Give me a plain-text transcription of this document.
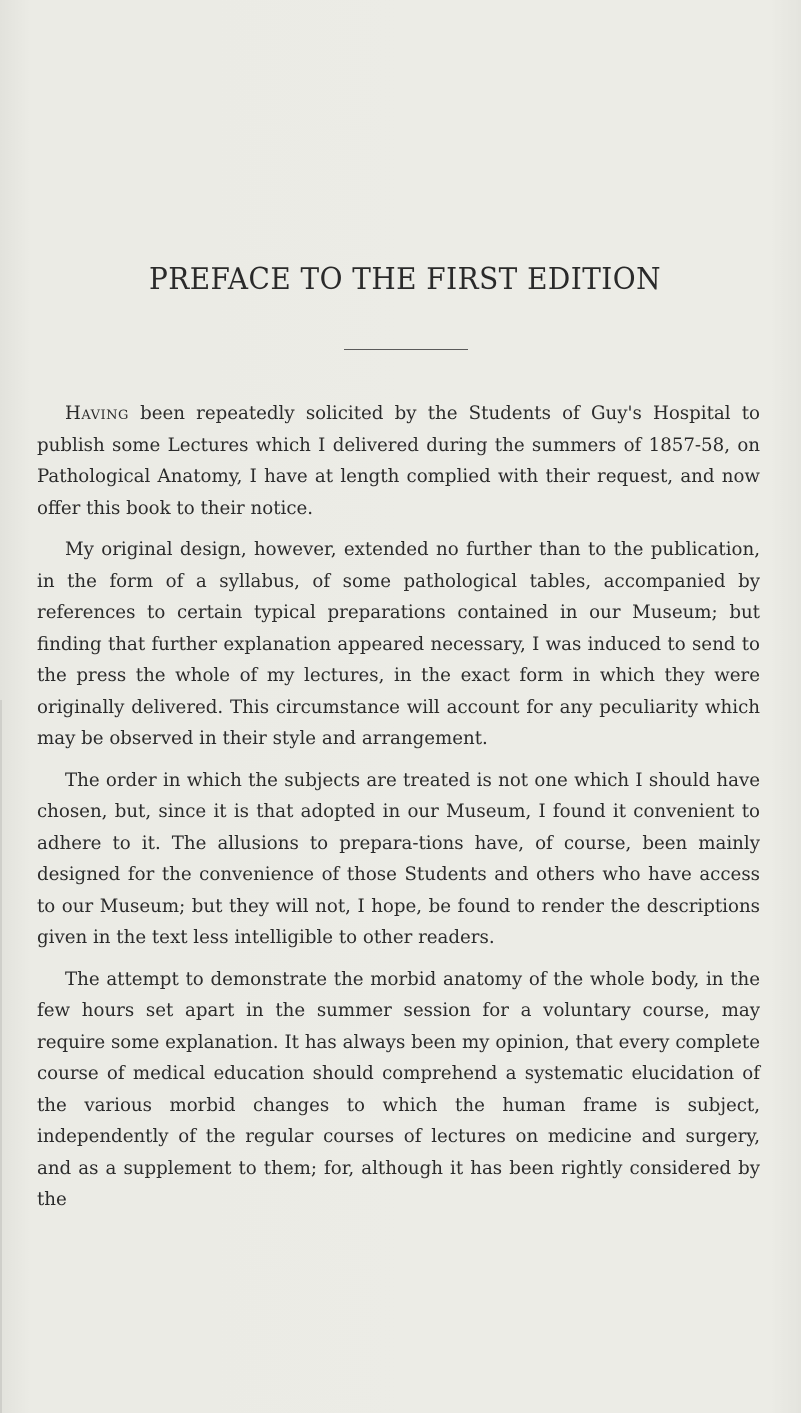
PREFACE TO THE FIRST EDITION

Having been repeatedly solicited by the Students of Guy's Hospital to publish some Lectures which I delivered during the summers of 1857-58, on Pathological Anatomy, I have at length complied with their request, and now offer this book to their notice.

My original design, however, extended no further than to the publication, in the form of a syllabus, of some pathological tables, accompanied by references to certain typical preparations contained in our Museum; but finding that further explanation appeared necessary, I was induced to send to the press the whole of my lectures, in the exact form in which they were originally delivered. This circumstance will account for any peculiarity which may be observed in their style and arrangement.

The order in which the subjects are treated is not one which I should have chosen, but, since it is that adopted in our Museum, I found it convenient to adhere to it. The allusions to prepara-tions have, of course, been mainly designed for the convenience of those Students and others who have access to our Museum; but they will not, I hope, be found to render the descriptions given in the text less intelligible to other readers.

The attempt to demonstrate the morbid anatomy of the whole body, in the few hours set apart in the summer session for a voluntary course, may require some explanation. It has always been my opinion, that every complete course of medical education should comprehend a systematic elucidation of the various morbid changes to which the human frame is subject, independently of the regular courses of lectures on medicine and surgery, and as a supplement to them; for, although it has been rightly considered by the
